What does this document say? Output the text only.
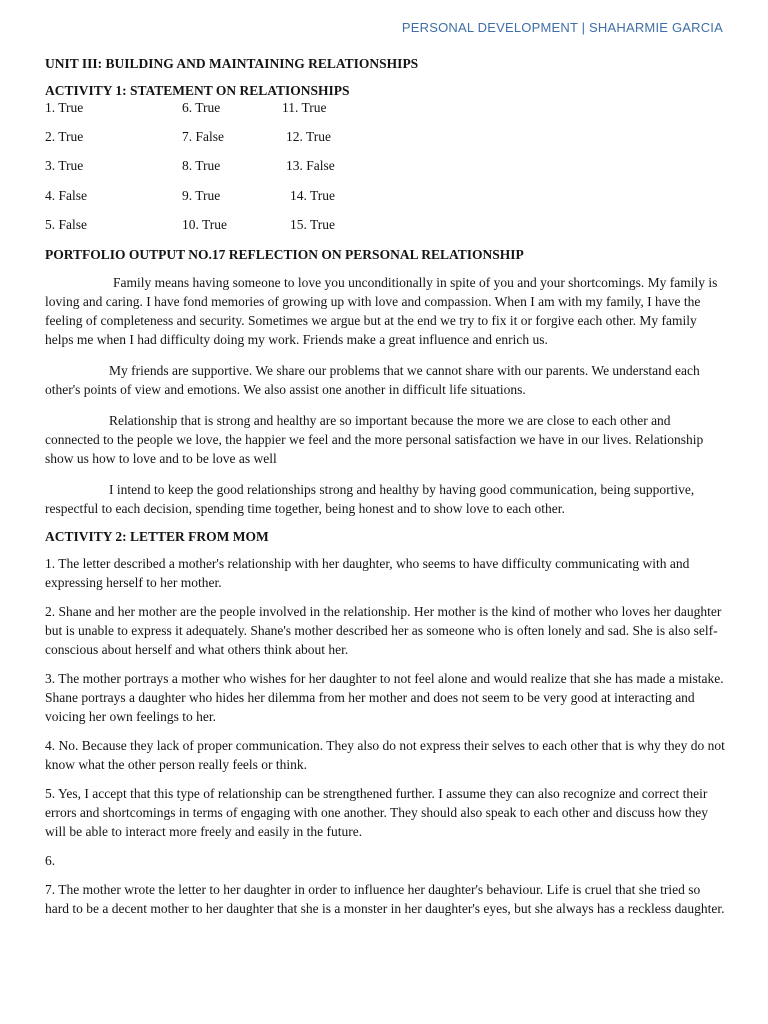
PERSONAL DEVELOPMENT | SHAHARMIE GARCIA
UNIT III: BUILDING AND MAINTAINING RELATIONSHIPS
ACTIVITY 1: STATEMENT ON RELATIONSHIPS
1. True
2. True
3. True
4. False
5. False
6. True
7. False
8. True
9. True
10. True
11. True
12. True
13. False
14. True
15. True
PORTFOLIO OUTPUT NO.17 REFLECTION ON PERSONAL RELATIONSHIP

Family means having someone to love you unconditionally in spite of you and your shortcomings. My family is loving and caring. I have fond memories of growing up with love and compassion. When I am with my family, I have the feeling of completeness and security. Sometimes we argue but at the end we try to fix it or forgive each other. My family helps me when I had difficulty doing my work. Friends make a great influence and enrich us.

My friends are supportive. We share our problems that we cannot share with our parents. We understand each other's points of view and emotions. We also assist one another in difficult life situations.

Relationship that is strong and healthy are so important because the more we are close to each other and connected to the people we love, the happier we feel and the more personal satisfaction we have in our lives. Relationship show us how to love and to be love as well

I intend to keep the good relationships strong and healthy by having good communication, being supportive, respectful to each decision, spending time together, being honest and to show love to each other.

ACTIVITY 2: LETTER FROM MOM

1. The letter described a mother's relationship with her daughter, who seems to have difficulty communicating with and expressing herself to her mother.

2. Shane and her mother are the people involved in the relationship. Her mother is the kind of mother who loves her daughter but is unable to express it adequately. Shane's mother described her as someone who is often lonely and sad. She is also self-conscious about herself and what others think about her.

3. The mother portrays a mother who wishes for her daughter to not feel alone and would realize that she has made a mistake. Shane portrays a daughter who hides her dilemma from her mother and does not seem to be very good at interacting and voicing her own feelings to her.

4. No. Because they lack of proper communication. They also do not express their selves to each other that is why they do not know what the other person really feels or think.

5. Yes, I accept that this type of relationship can be strengthened further. I assume they can also recognize and correct their errors and shortcomings in terms of engaging with one another. They should also speak to each other and discuss how they will be able to interact more freely and easily in the future.

6.

7. The mother wrote the letter to her daughter in order to influence her daughter's behaviour. Life is cruel that she tried so hard to be a decent mother to her daughter that she is a monster in her daughter's eyes, but she always has a reckless daughter.
